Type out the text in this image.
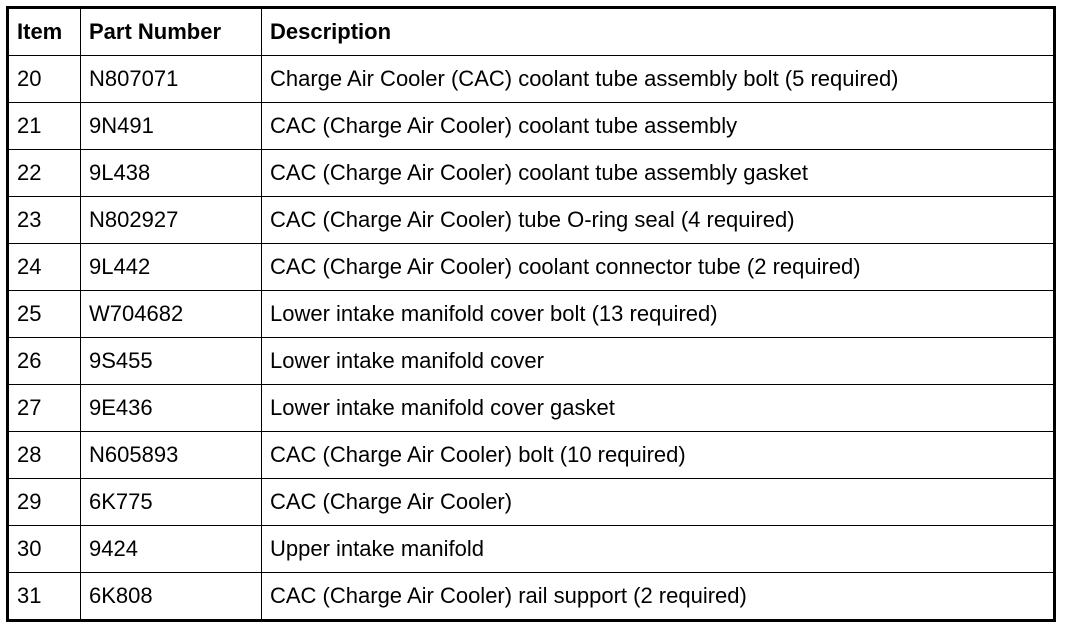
Item	Part Number	Description
20	N807071	Charge Air Cooler (CAC) coolant tube assembly bolt (5 required)
21	9N491	CAC (Charge Air Cooler) coolant tube assembly
22	9L438	CAC (Charge Air Cooler) coolant tube assembly gasket
23	N802927	CAC (Charge Air Cooler) tube O-ring seal (4 required)
24	9L442	CAC (Charge Air Cooler) coolant connector tube (2 required)
25	W704682	Lower intake manifold cover bolt (13 required)
26	9S455	Lower intake manifold cover
27	9E436	Lower intake manifold cover gasket
28	N605893	CAC (Charge Air Cooler) bolt (10 required)
29	6K775	CAC (Charge Air Cooler)
30	9424	Upper intake manifold
31	6K808	CAC (Charge Air Cooler) rail support (2 required)
